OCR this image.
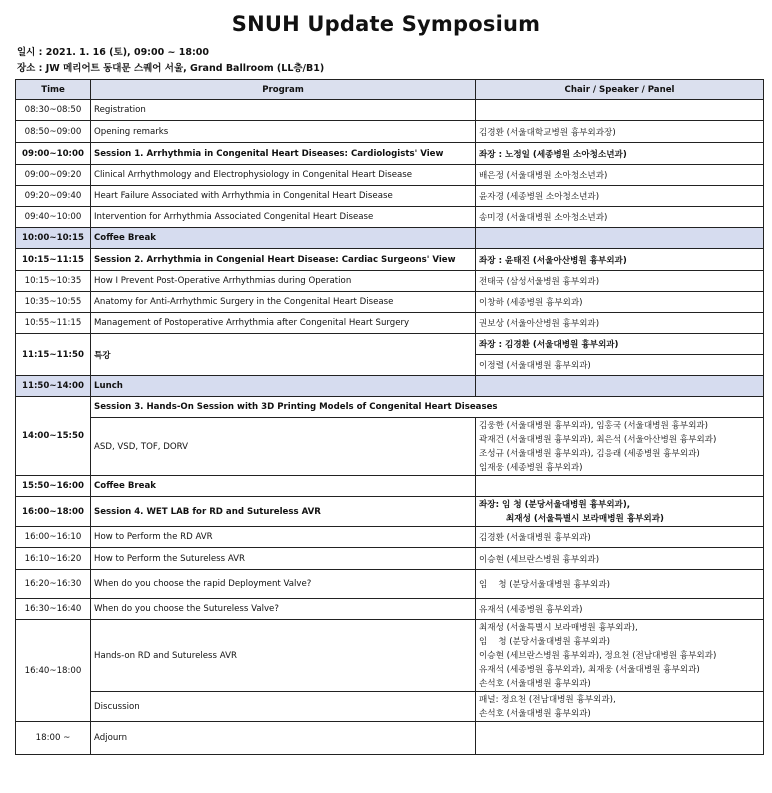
SNUH Update Symposium
일시 : 2021. 1. 16 (토), 09:00 ~ 18:00
장소 : JW 메리어트 동대문 스퀘어 서울, Grand Ballroom (LL층/B1)
Time	Program	Chair / Speaker / Panel
08:30~08:50	Registration	
08:50~09:00	Opening remarks	김경환 (서울대학교병원 흉부외과장)
09:00~10:00	Session 1. Arrhythmia in Congenital Heart Diseases: Cardiologists' View	좌장 : 노정일 (세종병원 소아청소년과)
09:00~09:20	Clinical Arrhythmology and Electrophysiology in Congenital Heart Disease	배은정 (서울대병원 소아청소년과)
09:20~09:40	Heart Failure Associated with Arrhythmia in Congenital Heart Disease	윤자경 (세종병원 소아청소년과)
09:40~10:00	Intervention for Arrhythmia Associated Congenital Heart Disease	송미경 (서울대병원 소아청소년과)
10:00~10:15	Coffee Break	
10:15~11:15	Session 2. Arrhythmia in Congenial Heart Disease: Cardiac Surgeons' View	좌장 : 윤태진 (서울아산병원 흉부외과)
10:15~10:35	How I Prevent Post-Operative Arrhythmias during Operation	전태국 (삼성서울병원 흉부외과)
10:35~10:55	Anatomy for Anti-Arrhythmic Surgery in the Congenital Heart Disease	이창하 (세종병원 흉부외과)
10:55~11:15	Management of Postoperative Arrhythmia after Congenital Heart Surgery	권보상 (서울아산병원 흉부외과)
11:15~11:50	특강	좌장 : 김경환 (서울대병원 흉부외과)
		이정렬 (서울대병원 흉부외과)
11:50~14:00	Lunch	
14:00~15:50	Session 3. Hands-On Session with 3D Printing Models of Congenital Heart Diseases	
	ASD, VSD, TOF, DORV	김웅한 (서울대병원 흉부외과), 임홍국 (서울대병원 흉부외과)
곽재건 (서울대병원 흉부외과), 최은석 (서울아산병원 흉부외과)
조성규 (서울대병원 흉부외과), 김응래 (세종병원 흉부외과)
임재웅 (세종병원 흉부외과)

15:50~16:00	Coffee Break	
16:00~18:00	Session 4. WET LAB for RD and Sutureless AVR	좌장: 임 청 (분당서울대병원 흉부외과),
최재성 (서울특별시 보라매병원 흉부외과)

16:00~16:10	How to Perform the RD AVR	김경환 (서울대병원 흉부외과)
16:10~16:20	How to Perform the Sutureless AVR	이승현 (세브란스병원 흉부외과)
16:20~16:30	When do you choose the rapid Deployment Valve?	임    청 (분당서울대병원 흉부외과)
16:30~16:40	When do you choose the Sutureless Valve?	유재석 (세종병원 흉부외과)
16:40~18:00	Hands-on RD and Sutureless AVR	최재성 (서울특별시 보라매병원 흉부외과),
임    청 (분당서울대병원 흉부외과)
이승현 (세브란스병원 흉부외과), 정요천 (전남대병원 흉부외과)
유재석 (세종병원 흉부외과), 최재웅 (서울대병원 흉부외과)
손석호 (서울대병원 흉부외과)

	Discussion	패널: 정요천 (전남대병원 흉부외과),
손석호 (서울대병원 흉부외과)

18:00 ~	Adjourn	
